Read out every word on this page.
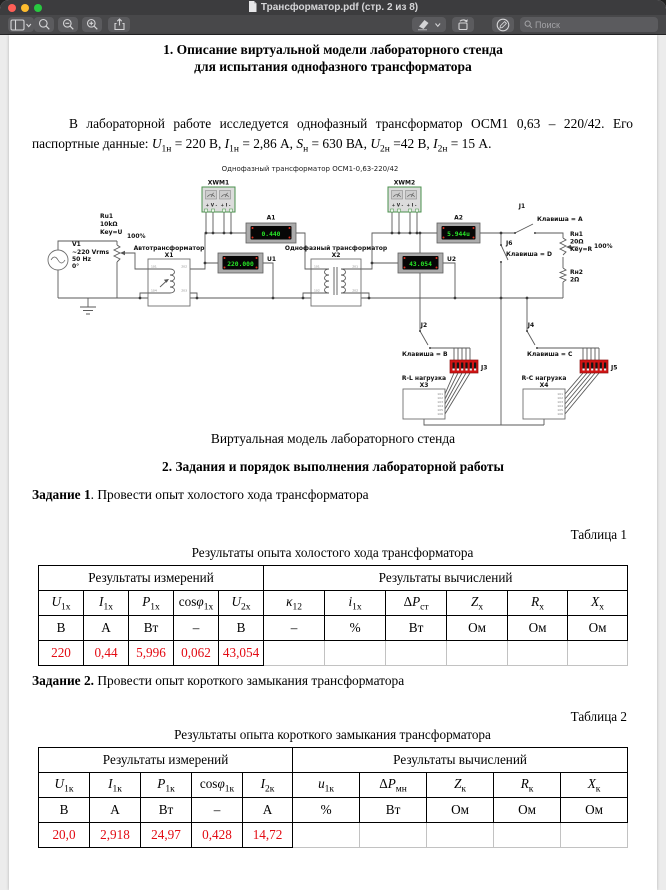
Трансформатор.pdf (стр. 2 из 8)
Поиск
1. Описание виртуальной модели лабораторного стенда
для испытания однофазного трансформатора

В лабораторной работе исследуется однофазный трансформатор ОСМ1 0,63 – 220/42. Его паспортные данные: $U_{1н} = 220$ В, $I_{1н} = 2,86$ А, $S_н = 630$ ВА, $U_{2н} =42$ В, $I_{2н} = 15$ А.

Однофазный трансформатор ОСМ1-0,63-220/42
V1
~220 Vrms
50 Hz
0°
Ru1
10kΩ
Key=U
100%
Автотрансформатор
X1
101	202
104	203
XWM1
+ V - + I -
XWM2
+ V - + I -
A1
0.440
A2
5.944u
220.000
U1
43.054
U2
Однофазный трансформатор
X2
101
102
201
202
J1
Клавиша = A
J6
Клавиша = D
Rн1
20Ω
Key=R 100%
Rн2
2Ω
J2
Клавиша = B
J4
Клавиша = C
J3	J5
R-L нагрузка
X3
101
102
103
104
105
106
R-C нагрузка
X4
101
102
103
104
105
106
Виртуальная модель лабораторного стенда
2. Задания и порядок выполнения лабораторной работы
Задание 1. Провести опыт холостого хода трансформатора
Таблица 1
Результаты опыта холостого хода трансформатора
Результаты измерений					Результаты вычислений					
$U_{1х}$	$I_{1х}$	$P_{1х}$	cosφ$_{1х}$	$U_{2х}$	$\kappa_{12}$	$i_{1х}$	$\Delta P_{ст}$	$Z_х$	$R_х$	$X_х$
В	А	Вт	–	В	–	%	Вт	Ом	Ом	Ом
220	0,44	5,996	0,062	43,054						
Задание 2. Провести опыт короткого замыкания трансформатора
Таблица 2
Результаты опыта короткого замыкания трансформатора
Результаты измерений					Результаты вычислений				
$U_{1к}$	$I_{1к}$	$P_{1к}$	cosφ$_{1к}$	$I_{2к}$	$u_{1к}$	$\Delta P_{мн}$	$Z_к$	$R_к$	$X_к$
В	А	Вт	–	А	%	Вт	Ом	Ом	Ом
20,0	2,918	24,97	0,428	14,72					
